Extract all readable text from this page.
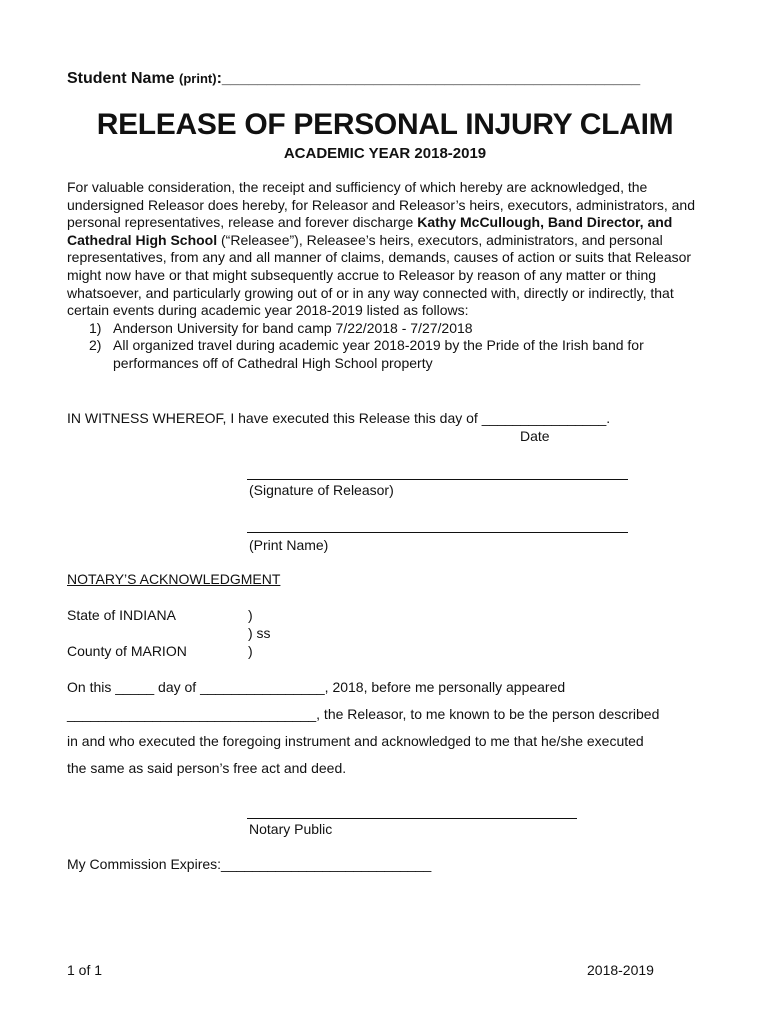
Student Name (print):_______________________________________________
RELEASE OF PERSONAL INJURY CLAIM
ACADEMIC YEAR 2018-2019

For valuable consideration, the receipt and sufficiency of which hereby are acknowledged, the undersigned Releasor does hereby, for Releasor and Releasor’s heirs, executors, administrators, and personal representatives, release and forever discharge Kathy McCullough, Band Director, and Cathedral High School (“Releasee”), Releasee’s heirs, executors, administrators, and personal representatives, from any and all manner of claims, demands, causes of action or suits that Releasor might now have or that might subsequently accrue to Releasor by reason of any matter or thing whatsoever, and particularly growing out of or in any way connected with, directly or indirectly, that certain events during academic year 2018-2019 listed as follows:

1) Anderson University for band camp 7/22/2018 - 7/27/2018
2) All organized travel during academic year 2018-2019 by the Pride of the Irish band for performances off of Cathedral High School property
IN WITNESS WHEREOF, I have executed this Release this day of ________________.
Date
(Signature of Releasor)
(Print Name)
NOTARY’S ACKNOWLEDGMENT
State of INDIANA
County of MARION
)
) ss
)
On this _____ day of ________________, 2018, before me personally appeared
________________________________, the Releasor, to me known to be the person described
in and who executed the foregoing instrument and acknowledged to me that he/she executed
the same as said person’s free act and deed.
Notary Public
My Commission Expires:___________________________
1 of 1	2018-2019
